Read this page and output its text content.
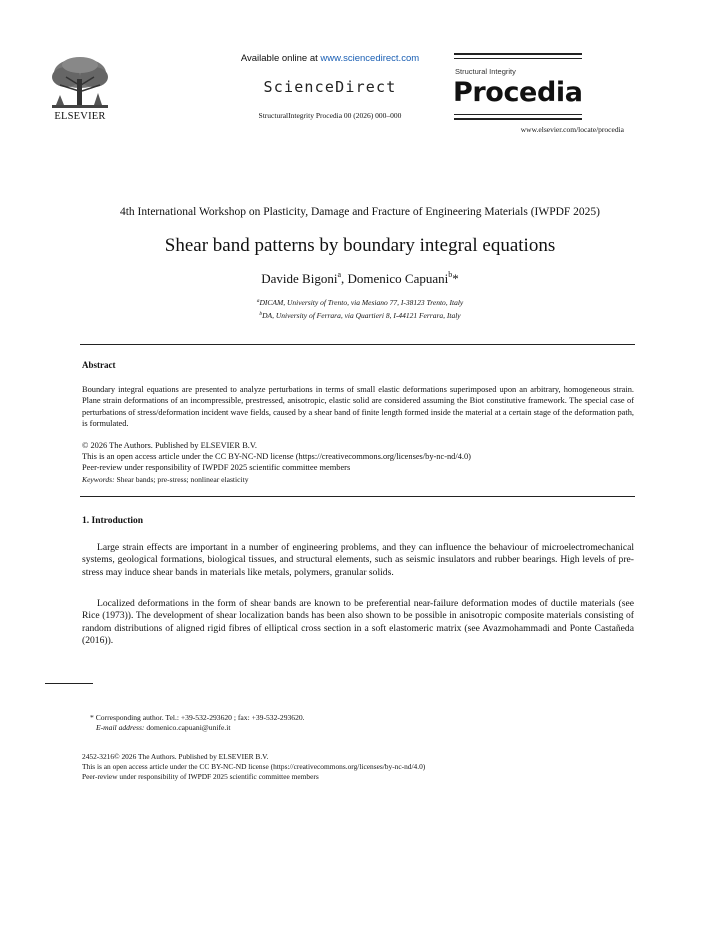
ELSEVIER
Available online at www.sciencedirect.com
ScienceDirect
StructuralIntegrity Procedia 00 (2026) 000–000
Structural Integrity
Procedia
www.elsevier.com/locate/procedia
4th International Workshop on Plasticity, Damage and Fracture of Engineering Materials (IWPDF 2025)
Shear band patterns by boundary integral equations
Davide Bigoni$^a$, Domenico Capuani$^b$*
$^a$DICAM, University of Trento, via Mesiano 77, I-38123 Trento, Italy
$^b$DA, University of Ferrara, via Quartieri 8, I-44121 Ferrara, Italy
Abstract
Boundary integral equations are presented to analyze perturbations in terms of small elastic deformations superimposed upon an arbitrary, homogeneous strain. Plane strain deformations of an incompressible, prestressed, anisotropic, elastic solid are considered assuming the Biot constitutive framework. The special case of perturbations of stress/deformation incident wave fields, caused by a shear band of finite length formed inside the material at a certain stage of the deformation path, is formulated.
© 2026 The Authors. Published by ELSEVIER B.V.
This is an open access article under the CC BY-NC-ND license (https://creativecommons.org/licenses/by-nc-nd/4.0)
Peer-review under responsibility of IWPDF 2025 scientific committee members
Keywords: Shear bands; pre-stress; nonlinear elasticity
1. Introduction
Large strain effects are important in a number of engineering problems, and they can influence the behaviour of microelectromechanical systems, geological formations, biological tissues, and structural elements, such as seismic insulators and rubber bearings. High levels of pre-stress may induce shear bands in materials like metals, polymers, granular solids.
Localized deformations in the form of shear bands are known to be preferential near-failure deformation modes of ductile materials (see Rice (1973)). The development of shear localization bands has been also shown to be possible in anisotropic composite materials consisting of random distributions of aligned rigid fibres of elliptical cross section in a soft elastomeric matrix (see Avazmohammadi and Ponte Castañeda (2016)).
* Corresponding author. Tel.: +39-532-293620 ; fax: +39-532-293620.
E-mail address: domenico.capuani@unife.it
2452-3216© 2026 The Authors. Published by ELSEVIER B.V.
This is an open access article under the CC BY-NC-ND license (https://creativecommons.org/licenses/by-nc-nd/4.0)
Peer-review under responsibility of IWPDF 2025 scientific committee members
